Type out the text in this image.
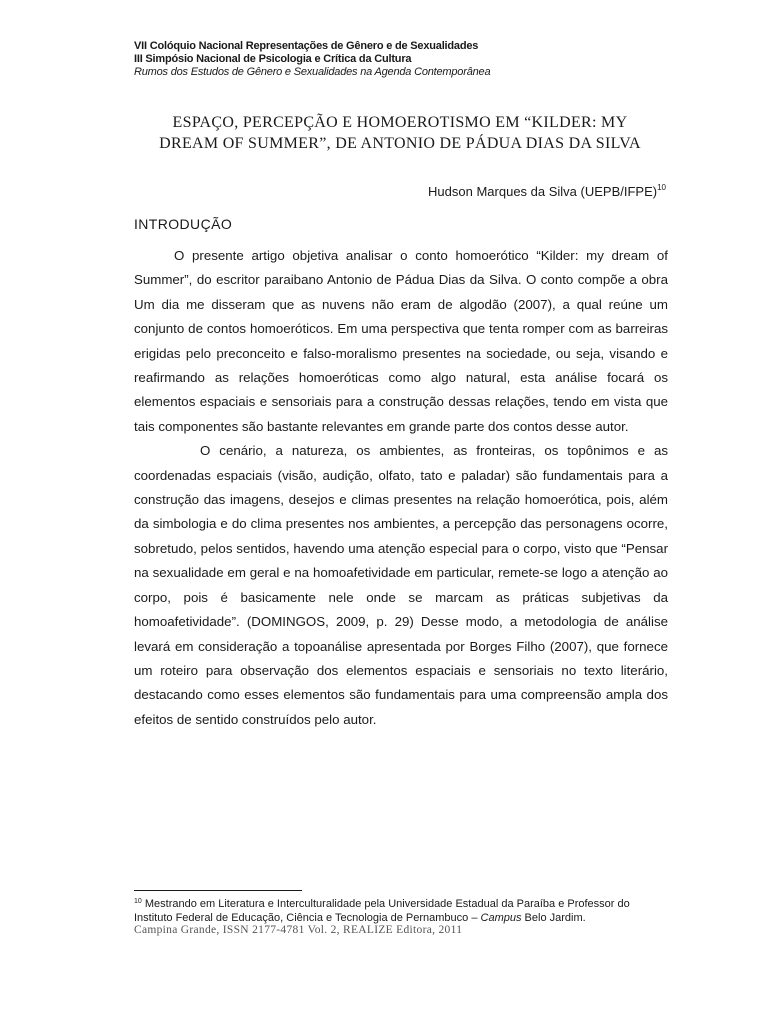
VII Colóquio Nacional Representações de Gênero e de Sexualidades
III Simpósio Nacional de Psicologia e Crítica da Cultura
Rumos dos Estudos de Gênero e Sexualidades na Agenda Contemporânea
ESPAÇO, PERCEPÇÃO E HOMOEROTISMO EM “KILDER: MY
DREAM OF SUMMER”, DE ANTONIO DE PÁDUA DIAS DA SILVA
Hudson Marques da Silva (UEPB/IFPE)$^{10}$
INTRODUÇÃO

O presente artigo objetiva analisar o conto homoerótico “Kilder: my dream of Summer”, do escritor paraibano Antonio de Pádua Dias da Silva. O conto compõe a obra Um dia me disseram que as nuvens não eram de algodão (2007), a qual reúne um conjunto de contos homoeróticos. Em uma perspectiva que tenta romper com as barreiras erigidas pelo preconceito e falso-moralismo presentes na sociedade, ou seja, visando e reafirmando as relações homoeróticas como algo natural, esta análise focará os elementos espaciais e sensoriais para a construção dessas relações, tendo em vista que tais componentes são bastante relevantes em grande parte dos contos desse autor.

O cenário, a natureza, os ambientes, as fronteiras, os topônimos e as coordenadas espaciais (visão, audição, olfato, tato e paladar) são fundamentais para a construção das imagens, desejos e climas presentes na relação homoerótica, pois, além da simbologia e do clima presentes nos ambientes, a percepção das personagens ocorre, sobretudo, pelos sentidos, havendo uma atenção especial para o corpo, visto que “Pensar na sexualidade em geral e na homoafetividade em particular, remete-se logo a atenção ao corpo, pois é basicamente nele onde se marcam as práticas subjetivas da homoafetividade”. (DOMINGOS, 2009, p. 29) Desse modo, a metodologia de análise levará em consideração a topoanálise apresentada por Borges Filho (2007), que fornece um roteiro para observação dos elementos espaciais e sensoriais no texto literário, destacando como esses elementos são fundamentais para uma compreensão ampla dos efeitos de sentido construídos pelo autor.

$^{10}$ Mestrando em Literatura e Interculturalidade pela Universidade Estadual da Paraíba e Professor do Instituto Federal de Educação, Ciência e Tecnologia de Pernambuco – Campus Belo Jardim.
Campina Grande, ISSN 2177-4781 Vol. 2, REALIZE Editora, 2011
